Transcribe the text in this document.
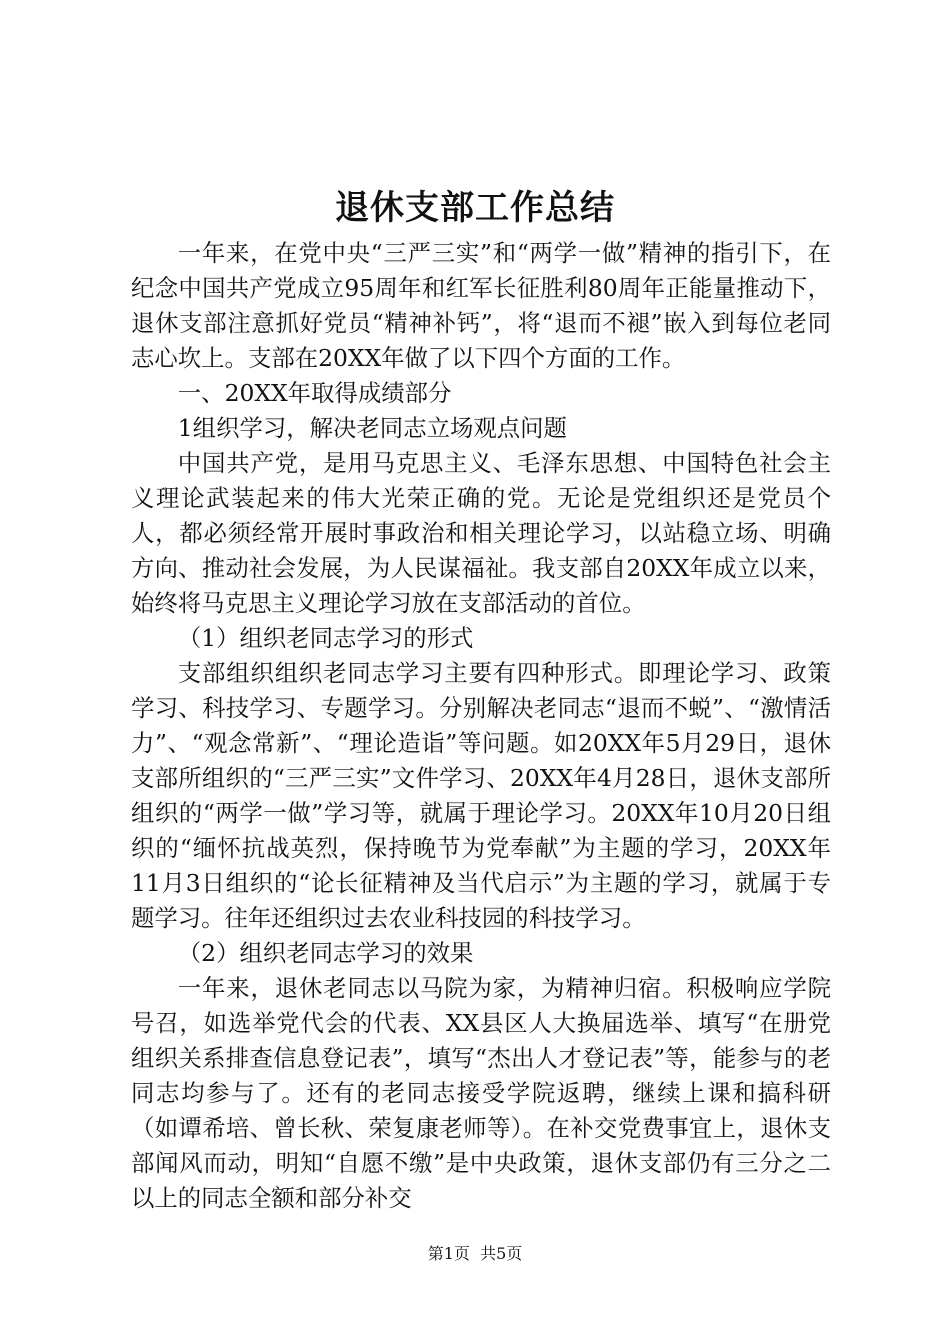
退休支部工作总结

一年来，在党中央“三严三实”和“两学一做”精神的指引下，在纪念中国共产党成立95周年和红军长征胜利80周年正能量推动下，退休支部注意抓好党员“精神补钙”，将“退而不褪”嵌入到每位老同志心坎上。支部在20XX年做了以下四个方面的工作。

一、20XX年取得成绩部分

1组织学习，解决老同志立场观点问题

中国共产党，是用马克思主义、毛泽东思想、中国特色社会主义理论武装起来的伟大光荣正确的党。无论是党组织还是党员个人，都必须经常开展时事政治和相关理论学习，以站稳立场、明确方向、推动社会发展，为人民谋福祉。我支部自20XX年成立以来，始终将马克思主义理论学习放在支部活动的首位。

（1）组织老同志学习的形式

支部组织组织老同志学习主要有四种形式。即理论学习、政策学习、科技学习、专题学习。分别解决老同志“退而不蜕”、“激情活力”、“观念常新”、“理论造诣”等问题。如20XX年5月29日，退休支部所组织的“三严三实”文件学习、20XX年4月28日，退休支部所组织的“两学一做”学习等，就属于理论学习。20XX年10月20日组织的“缅怀抗战英烈，保持晚节为党奉献”为主题的学习，20XX年11月3日组织的“论长征精神及当代启示”为主题的学习，就属于专题学习。往年还组织过去农业科技园的科技学习。

（2）组织老同志学习的效果

一年来，退休老同志以马院为家，为精神归宿。积极响应学院号召，如选举党代会的代表、XX县区人大换届选举、填写“在册党组织关系排查信息登记表”，填写“杰出人才登记表”等，能参与的老同志均参与了。还有的老同志接受学院返聘，继续上课和搞科研（如谭希培、曾长秋、荣复康老师等）。在补交党费事宜上，退休支部闻风而动，明知“自愿不缴”是中央政策，退休支部仍有三分之二以上的同志全额和部分补交

第1页 共5页
